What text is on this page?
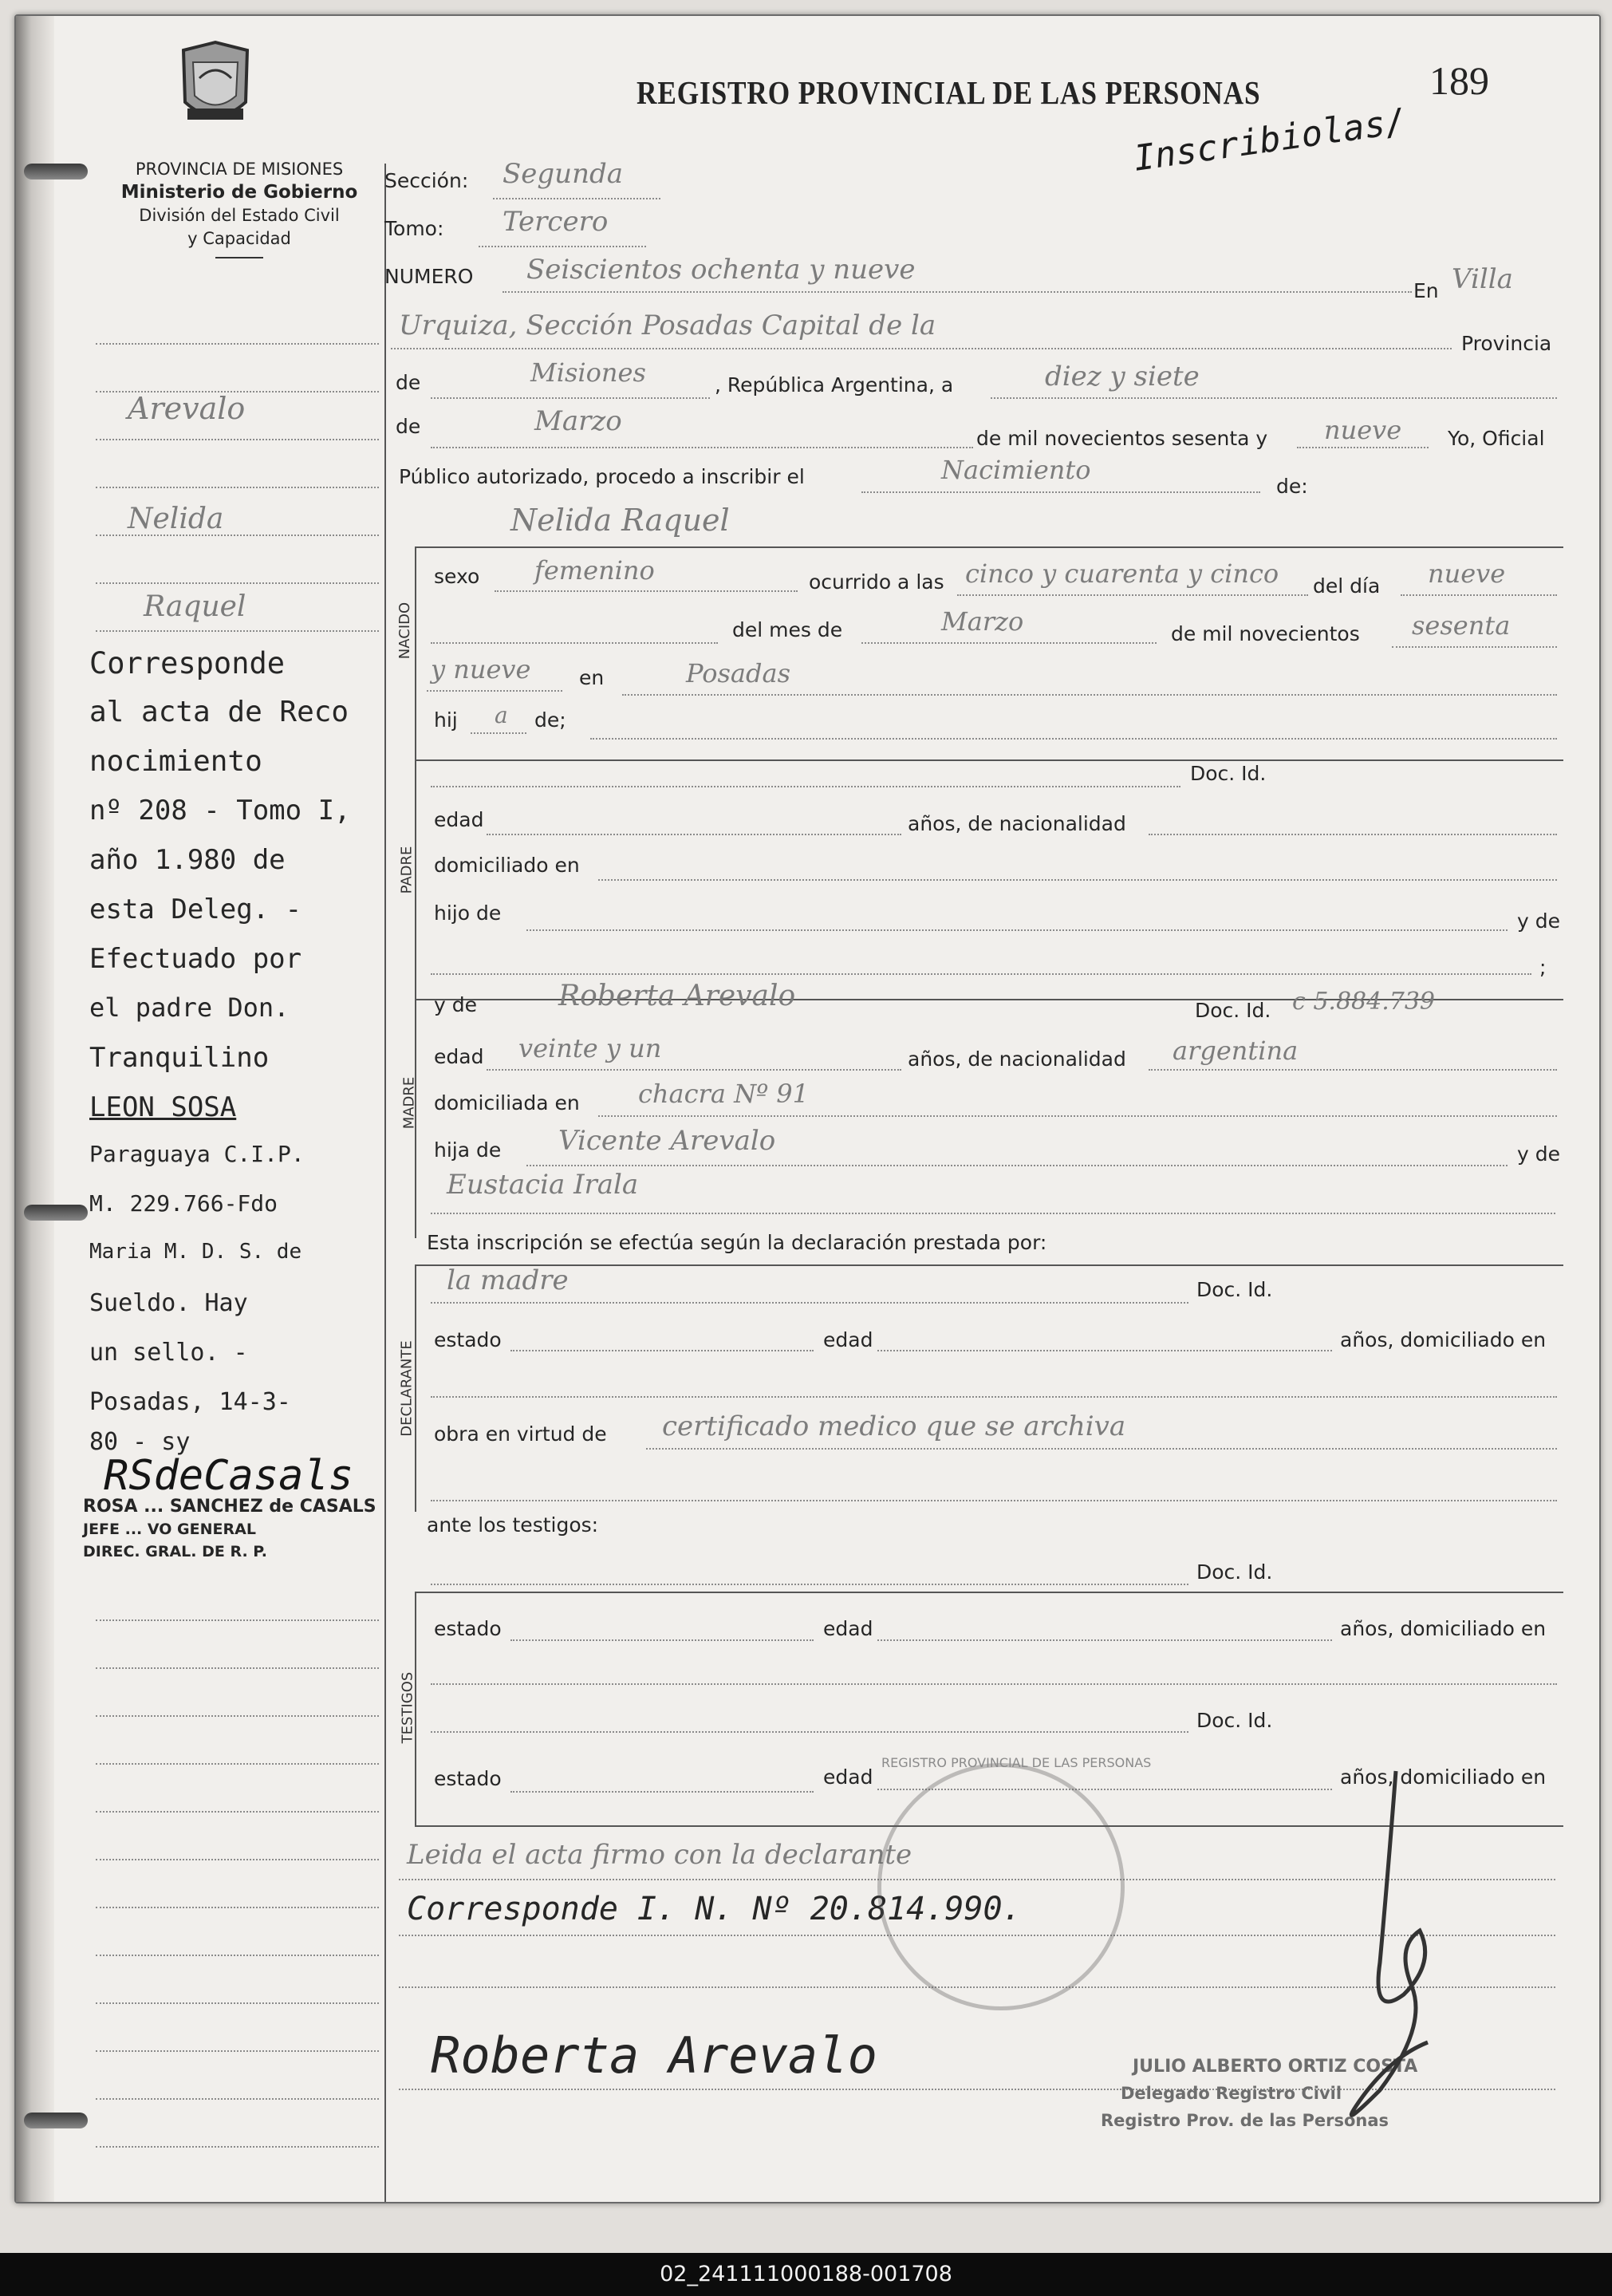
PROVINCIA DE MISIONES
Ministerio de Gobierno
División del Estado Civil
y Capacidad
REGISTRO PROVINCIAL DE LAS PERSONAS	189
Inscribiolas/
Arevalo
Nelida
Raquel
Corresponde
al acta de Reco
nocimiento
nº 208 - Tomo I,
año 1.980 de
esta Deleg. -
Efectuado por
el padre Don.
Tranquilino
LEON SOSA
Paraguaya C.I.P.
M. 229.766-Fdo
Maria M. D. S. de
Sueldo. Hay
un sello. -
Posadas, 14-3-
80 - sy
RSdeCasals
ROSA ... SANCHEZ de CASALS
JEFE ... VO GENERAL
DIREC. GRAL. DE R. P.
Sección: Segunda
Tomo: Tercero
NUMERO Seiscientos ochenta y nueve
En Villa
Urquiza, Sección Posadas Capital de la
Provincia
de	Misiones	, República Argentina, a	diez y siete
de	Marzo
de mil novecientos sesenta y nueve Yo, Oficial
Público autorizado, procedo a inscribir el	Nacimiento
de:
Nelida Raquel
NACIDO
sexo femenino	ocurrido a las cinco y cuarenta y cinco del día nueve
del mes de	Marzo	de mil novecientos sesenta
y nueve en	Posadas
hij a de;
PADRE
Doc. Id.
edad	años, de nacionalidad
domiciliado en
hijo de	y de
;
y de	Roberta Arevalo	Doc. Id. c 5.884.739
MADRE
edad veinte y un	años, de nacionalidad argentina
domiciliada en chacra Nº 91
hija de Vicente Arevalo	y de
Eustacia Irala
Esta inscripción se efectúa según la declaración prestada por:
la madre	Doc. Id.
DECLARANTE
estado	edad	años, domiciliado en
obra en virtud de certificado medico que se archiva
ante los testigos:
Doc. Id.
TESTIGOS
estado	edad	años, domiciliado en
Doc. Id.
estado	edad	años, domiciliado en
Leida el acta firmo con la declarante
Corresponde I. N. Nº 20.814.990.
Roberta Arevalo
REGISTRO PROVINCIAL DE LAS PERSONAS
JULIO ALBERTO ORTIZ COSTA
Delegado Registro Civil
Registro Prov. de las Personas
02_241111000188-001708
